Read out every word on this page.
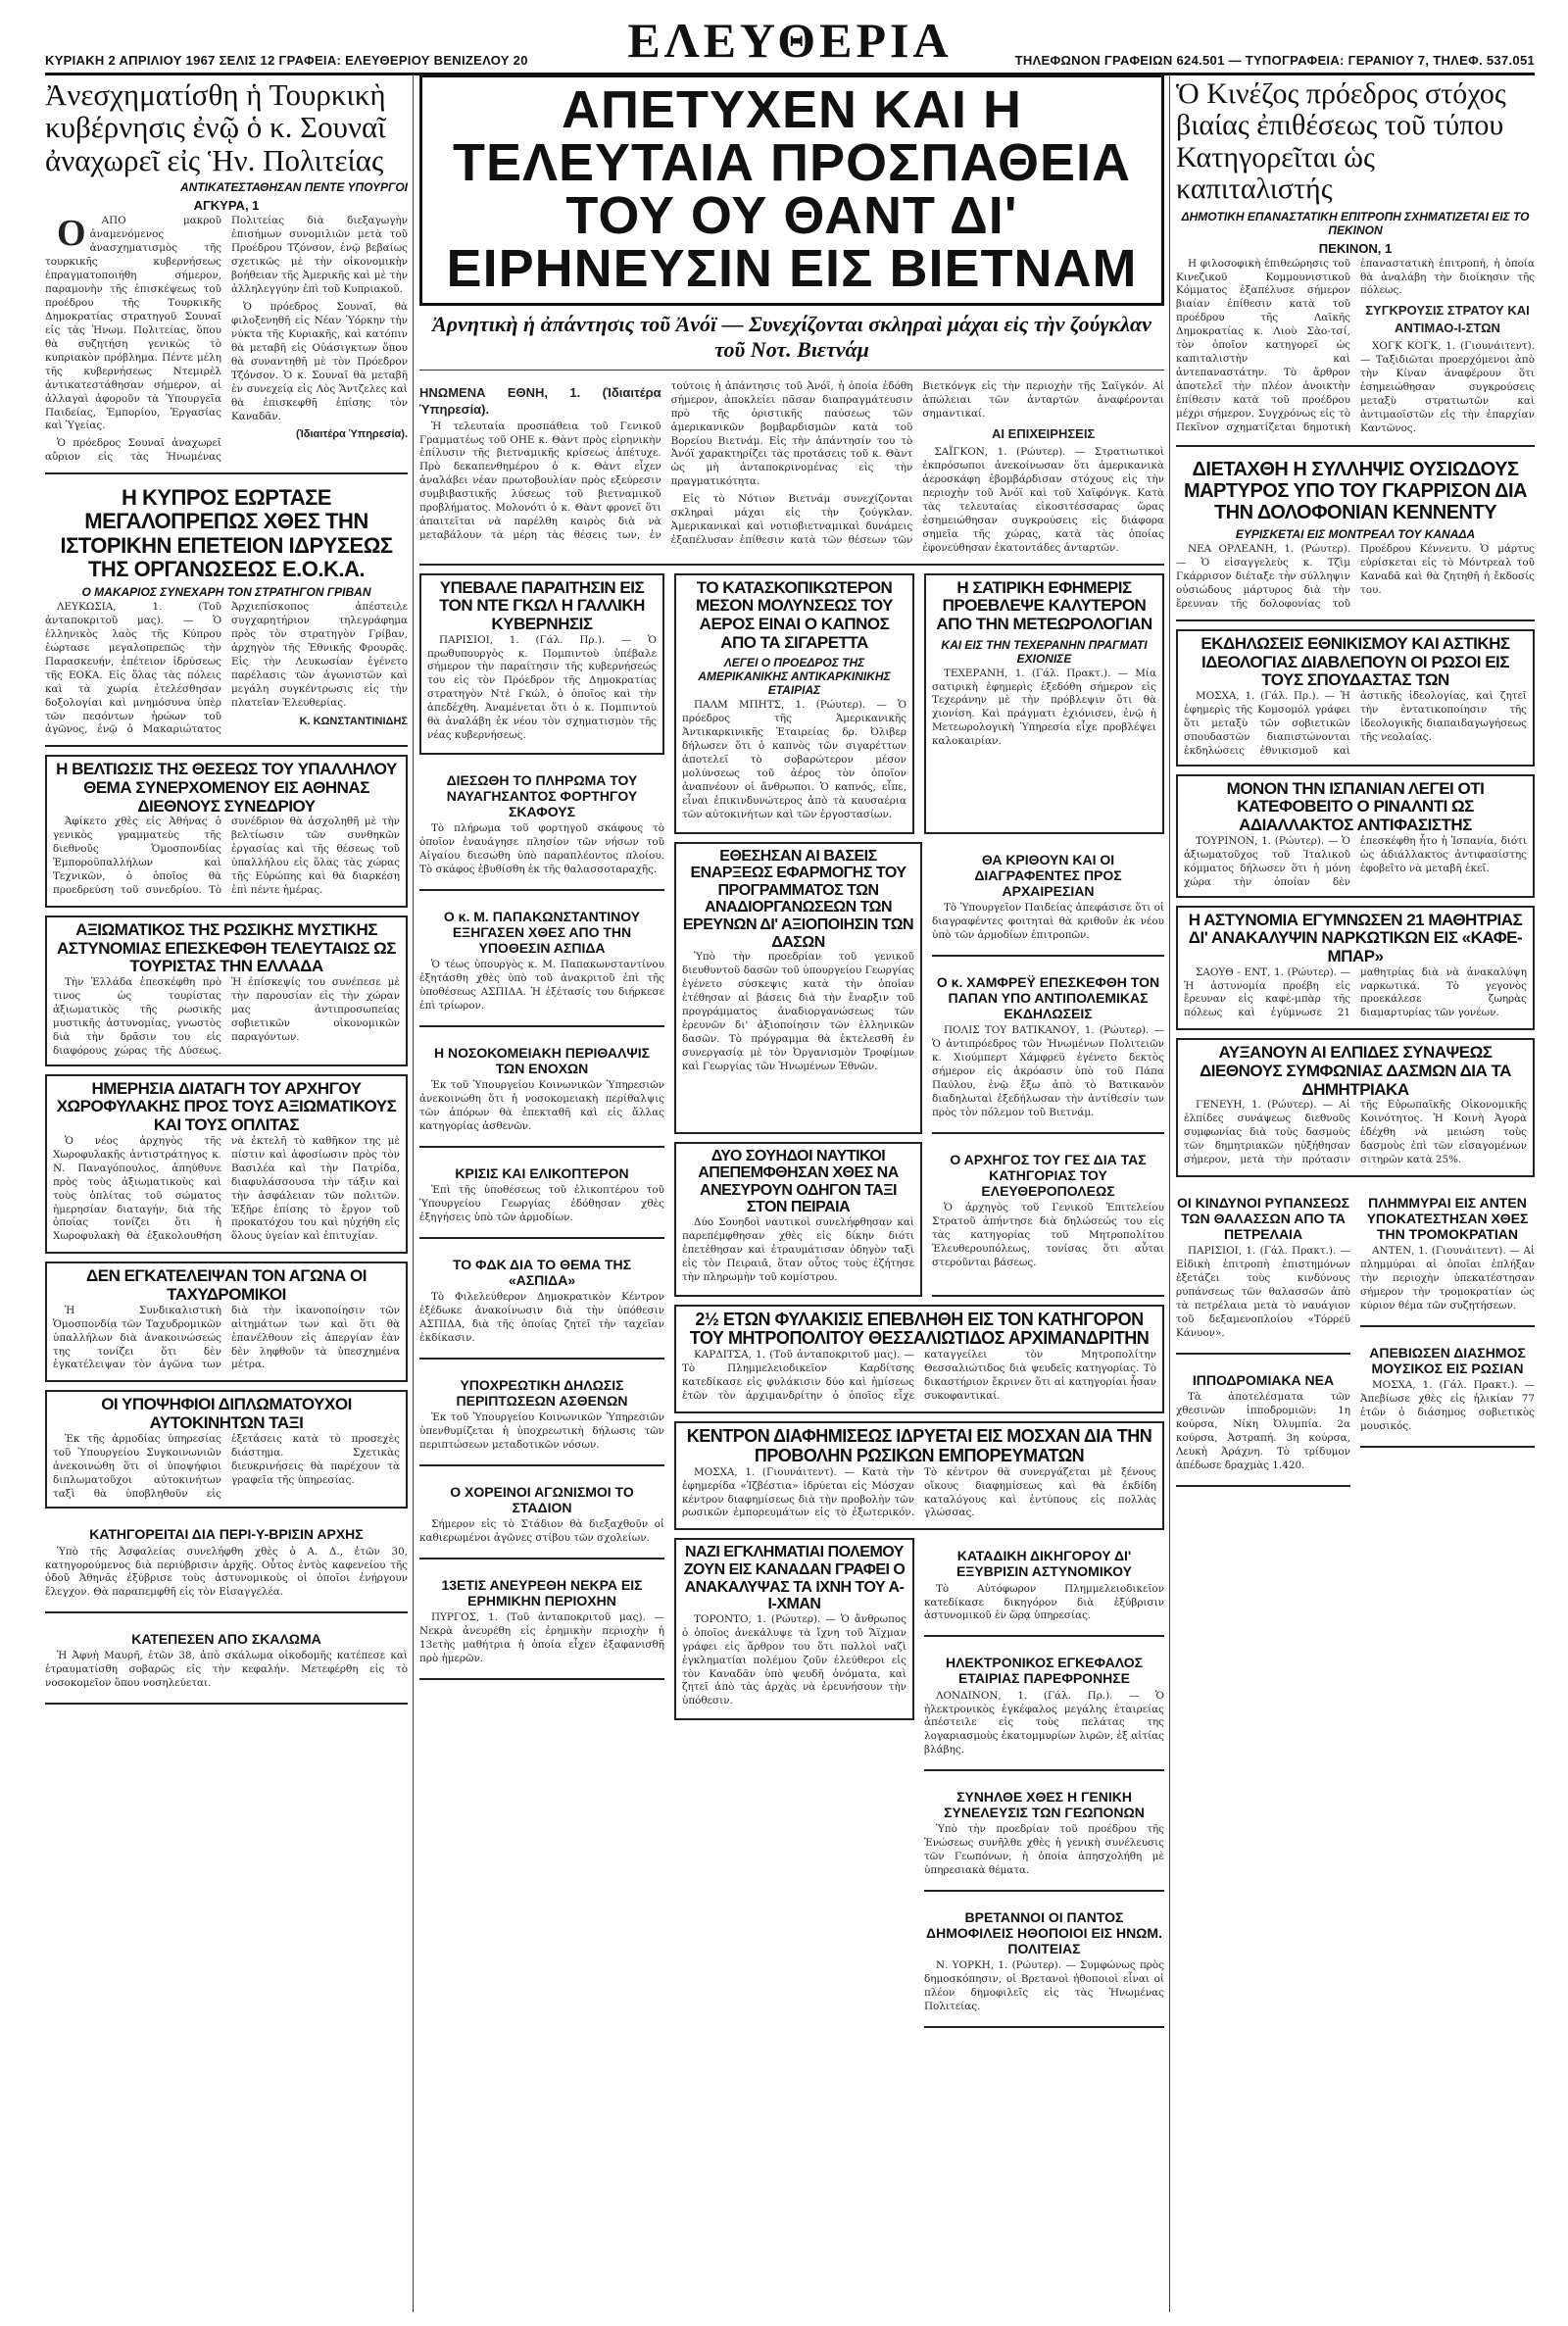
ΚΥΡΙΑΚΗ 2 ΑΠΡΙΛΙΟΥ 1967 ΣΕΛΙΣ 12 ΓΡΑΦΕΙΑ: ΕΛΕΥΘΕΡΙΟΥ ΒΕΝΙΖΕΛΟΥ 20	ΕΛΕΥΘΕΡΙΑ	ΤΗΛΕΦΩΝΟΝ ΓΡΑΦΕΙΩΝ 624.501 — ΤΥΠΟΓΡΑΦΕΙΑ: ΓΕΡΑΝΙΟΥ 7, ΤΗΛΕΦ. 537.051
Ἀνεσχηματίσθη ἡ Τουρκικὴ κυβέρνησις ἐνῷ ὁ κ. Σουναῖ ἀναχωρεῖ εἰς Ἡν. Πολιτείας
ΑΝΤΙΚΑΤΕΣΤΑΘΗΣΑΝ ΠΕΝΤΕ ΥΠΟΥΡΓΟΙ
ΑΓΚΥΡΑ, 1

Ο	ΑΠΟ μακροῦ ἀναμενόμενος ἀνασχηματισμὸς τῆς τουρκικῆς κυβερνήσεως ἐπραγματοποιήθη σήμερον, παραμονὴν τῆς ἐπισκέψεως τοῦ προέδρου τῆς Τουρκικῆς Δημοκρατίας στρατηγοῦ Σουναῖ εἰς τὰς Ἡνωμ. Πολιτείας, ὅπου θὰ συζητήση γενικῶς τὸ κυπριακὸν πρόβλημα. Πέντε μέλη τῆς κυβερνήσεως Ντεμιρὲλ ἀντικατεστάθησαν σήμερον, αἱ ἀλλαγαὶ ἀφοροῦν τὰ Ὑπουργεῖα Παιδείας, Ἐμπορίου, Ἐργασίας καὶ Ὑγείας.

Ὁ πρόεδρος Σουναῖ ἀναχωρεῖ αὔριον εἰς τὰς Ἡνωμένας Πολιτείας διὰ διεξαγωγὴν ἐπισήμων συνομιλιῶν μετὰ τοῦ Προέδρου Τζόνσον, ἐνῷ βεβαίως σχετικῶς μὲ τὴν οἰκονομικὴν βοήθειαν τῆς Ἀμερικῆς καὶ μὲ τὴν ἀλληλεγγύην ἐπὶ τοῦ Κυπριακοῦ.

Ὁ πρόεδρος Σουναῖ, θὰ φιλοξενηθῆ εἰς Νέαν Ὑόρκην τὴν νύκτα τῆς Κυριακῆς, καὶ κατόπιν θὰ μεταβῆ εἰς Οὐάσιγκτων ὅπου θὰ συναντηθῆ μὲ τὸν Πρόεδρον Τζόνσον. Ὁ κ. Σουναῖ θὰ μεταβῆ ἐν συνεχείᾳ εἰς Λὸς Ἄντζελες καὶ θὰ ἐπισκεφθῆ ἐπίσης τὸν Καναδᾶν.

(Ἰδιαιτέρα Ὑπηρεσία).
Η ΚΥΠΡΟΣ ΕΩΡΤΑΣΕ ΜΕΓΑΛΟΠΡΕΠΩΣ ΧΘΕΣ ΤΗΝ ΙΣΤΟΡΙΚΗΝ ΕΠΕΤΕΙΟΝ ΙΔΡΥΣΕΩΣ ΤΗΣ ΟΡΓΑΝΩΣΕΩΣ Ε.Ο.Κ.Α.
Ο ΜΑΚΑΡΙΟΣ ΣΥΝΕΧΑΡΗ ΤΟΝ ΣΤΡΑΤΗΓΟΝ ΓΡΙΒΑΝ

ΛΕΥΚΩΣΙΑ, 1. (Τοῦ ἀνταποκριτοῦ μας). — Ὁ ἑλληνικὸς λαὸς τῆς Κύπρου ἑώρτασε μεγαλοπρεπῶς τὴν Παρασκευήν, ἐπέτειον ἱδρύσεως τῆς ΕΟΚΑ. Εἰς ὅλας τὰς πόλεις καὶ τὰ χωρία ἐτελέσθησαν δοξολογίαι καὶ μνημόσυνα ὑπὲρ τῶν πεσόντων ἡρώων τοῦ ἀγῶνος, ἐνῷ ὁ Μακαριώτατος Ἀρχιεπίσκοπος ἀπέστειλε συγχαρητήριον τηλεγράφημα πρὸς τὸν στρατηγὸν Γρίβαν, ἀρχηγὸν τῆς Ἐθνικῆς Φρουρᾶς. Εἰς τὴν Λευκωσίαν ἐγένετο παρέλασις τῶν ἀγωνιστῶν καὶ μεγάλη συγκέντρωσις εἰς τὴν πλατεῖαν Ἐλευθερίας.

Κ. ΚΩΝΣΤΑΝΤΙΝΙΔΗΣ
Η ΒΕΛΤΙΩΣΙΣ ΤΗΣ ΘΕΣΕΩΣ ΤΟΥ ΥΠΑΛΛΗΛΟΥ ΘΕΜΑ ΣΥΝΕΡΧΟΜΕΝΟΥ ΕΙΣ ΑΘΗΝΑΣ ΔΙΕΘΝΟΥΣ ΣΥΝΕΔΡΙΟΥ

Ἀφίκετο χθὲς εἰς Ἀθήνας ὁ γενικὸς γραμματεὺς τῆς διεθνοῦς Ὁμοσπονδίας Ἐμποροϋπαλλήλων καὶ Τεχνικῶν, ὁ ὁποῖος θὰ προεδρεύση τοῦ συνεδρίου. Τὸ συνέδριον θὰ ἀσχοληθῆ μὲ τὴν βελτίωσιν τῶν συνθηκῶν ἐργασίας καὶ τῆς θέσεως τοῦ ὑπαλλήλου εἰς ὅλας τὰς χώρας τῆς Εὐρώπης καὶ θὰ διαρκέση ἐπὶ πέντε ἡμέρας.

ΑΞΙΩΜΑΤΙΚΟΣ ΤΗΣ ΡΩΣΙΚΗΣ ΜΥΣΤΙΚΗΣ ΑΣΤΥΝΟΜΙΑΣ ΕΠΕΣΚΕΦΘΗ ΤΕΛΕΥΤΑΙΩΣ ΩΣ ΤΟΥΡΙΣΤΑΣ ΤΗΝ ΕΛΛΑΔΑ

Τὴν Ἑλλάδα ἐπεσκέφθη πρὸ τινος ὡς τουρίστας ἀξιωματικὸς τῆς ρωσικῆς μυστικῆς ἀστυνομίας, γνωστὸς διὰ τὴν δρᾶσιν του εἰς διαφόρους χώρας τῆς Δύσεως. Ἡ ἐπίσκεψίς του συνέπεσε μὲ τὴν παρουσίαν εἰς τὴν χώραν μας ἀντιπροσωπείας σοβιετικῶν οἰκονομικῶν παραγόντων.

ΗΜΕΡΗΣΙΑ ΔΙΑΤΑΓΗ ΤΟΥ ΑΡΧΗΓΟΥ ΧΩΡΟΦΥΛΑΚΗΣ ΠΡΟΣ ΤΟΥΣ ΑΞΙΩΜΑΤΙΚΟΥΣ ΚΑΙ ΤΟΥΣ ΟΠΛΙΤΑΣ

Ὁ νέος ἀρχηγὸς τῆς Χωροφυλακῆς ἀντιστράτηγος κ. Ν. Παναγόπουλος, ἀπηύθυνε πρὸς τοὺς ἀξιωματικοὺς καὶ τοὺς ὁπλίτας τοῦ σώματος ἡμερησίαν διαταγήν, διὰ τῆς ὁποίας τονίζει ὅτι ἡ Χωροφυλακὴ θὰ ἐξακολουθήση νὰ ἐκτελῆ τὸ καθῆκον της μὲ πίστιν καὶ ἀφοσίωσιν πρὸς τὸν Βασιλέα καὶ τὴν Πατρίδα, διαφυλάσσουσα τὴν τάξιν καὶ τὴν ἀσφάλειαν τῶν πολιτῶν. Ἐξῆρε ἐπίσης τὸ ἔργον τοῦ προκατόχου του καὶ ηὐχήθη εἰς ὅλους ὑγείαν καὶ ἐπιτυχίαν.

ΔΕΝ ΕΓΚΑΤΕΛΕΙΨΑΝ ΤΟΝ ΑΓΩΝΑ ΟΙ ΤΑΧΥΔΡΟΜΙΚΟΙ

Ἡ Συνδικαλιστικὴ Ὁμοσπονδία τῶν Ταχυδρομικῶν ὑπαλλήλων διὰ ἀνακοινώσεώς της τονίζει ὅτι δὲν ἐγκατέλειψαν τὸν ἀγῶνα των διὰ τὴν ἱκανοποίησιν τῶν αἰτημάτων των καὶ ὅτι θὰ ἐπανέλθουν εἰς ἀπεργίαν ἐὰν δὲν ληφθοῦν τὰ ὑπεσχημένα μέτρα.

ΟΙ ΥΠΟΨΗΦΙΟΙ ΔΙΠΛΩΜΑΤΟΥΧΟΙ ΑΥΤΟΚΙΝΗΤΩΝ ΤΑΞΙ

Ἐκ τῆς ἁρμοδίας ὑπηρεσίας τοῦ Ὑπουργείου Συγκοινωνιῶν ἀνεκοινώθη ὅτι οἱ ὑποψήφιοι διπλωματοῦχοι αὐτοκινήτων ταξὶ θὰ ὑποβληθοῦν εἰς ἐξετάσεις κατὰ τὸ προσεχὲς διάστημα. Σχετικὰς διευκρινήσεις θὰ παρέχουν τὰ γραφεῖα τῆς ὑπηρεσίας.

ΚΑΤΗΓΟΡΕΙΤΑΙ ΔΙΑ ΠΕΡΙ-Υ-ΒΡΙΣΙΝ ΑΡΧΗΣ

Ὑπὸ τῆς Ἀσφαλείας συνελήφθη χθὲς ὁ Α. Δ., ἐτῶν 30, κατηγορούμενος διὰ περιύβρισιν ἀρχῆς. Οὗτος ἐντὸς καφενείου τῆς ὁδοῦ Ἀθηνᾶς ἐξύβρισε τοὺς ἀστυνομικοὺς οἱ ὁποῖοι ἐνήργουν ἔλεγχον. Θὰ παραπεμφθῆ εἰς τὸν Εἰσαγγελέα.

ΚΑΤΕΠΕΣΕΝ ΑΠΟ ΣΚΑΛΩΜΑ

Ἡ Ἀφνὴ Μαυρῆ, ἐτῶν 38, ἀπὸ σκάλωμα οἰκοδομῆς κατέπεσε καὶ ἐτραυματίσθη σοβαρῶς εἰς τὴν κεφαλήν. Μετεφέρθη εἰς τὸ νοσοκομεῖον ὅπου νοσηλεύεται.

ΑΠΕΤΥΧΕΝ ΚΑΙ Η ΤΕΛΕΥΤΑΙΑ ΠΡΟΣΠΑΘΕΙΑ ΤΟΥ ΟΥ ΘΑΝΤ ΔΙ' ΕΙΡΗΝΕΥΣΙΝ ΕΙΣ ΒΙΕΤΝΑΜ
Ἀρνητικὴ ἡ ἀπάντησις τοῦ Ἀνόϊ — Συνεχίζονται σκληραὶ μάχαι εἰς τὴν ζούγκλαν τοῦ Νοτ. Βιετνάμ
ΗΝΩΜΕΝΑ ΕΘΝΗ, 1. (Ἰδιαιτέρα Ὑπηρεσία).

Ἡ τελευταία προσπάθεια τοῦ Γενικοῦ Γραμματέως τοῦ ΟΗΕ κ. Θὰντ πρὸς εἰρηνικὴν ἐπίλυσιν τῆς βιετναμικῆς κρίσεως ἀπέτυχε. Πρὸ δεκαπενθημέρου ὁ κ. Θὰντ εἶχεν ἀναλάβει νέαν πρωτοβουλίαν πρὸς εξεύρεσιν συμβιβαστικῆς λύσεως τοῦ βιετναμικοῦ προβλήματος. Μολονότι ὁ κ. Θὰντ φρονεῖ ὅτι ἀπαιτεῖται νὰ παρέλθη καιρὸς διὰ νὰ μεταβάλουν τὰ μέρη τὰς θέσεις των, ἐν τούτοις ἡ ἀπάντησις τοῦ Ἀνόϊ, ἡ ὁποία ἐδόθη σήμερον, ἀποκλείει πᾶσαν διαπραγμάτευσιν πρὸ τῆς ὁριστικῆς παύσεως τῶν ἀμερικανικῶν βομβαρδισμῶν κατὰ τοῦ Βορείου Βιετνάμ. Εἰς τὴν ἀπάντησίν του τὸ Ἀνόϊ χαρακτηρίζει τὰς προτάσεις τοῦ κ. Θὰντ ὡς μὴ ἀνταποκρινομένας εἰς τὴν πραγματικότητα.

Εἰς τὸ Νότιον Βιετνάμ συνεχίζονται σκληραὶ μάχαι εἰς τὴν ζούγκλαν. Ἀμερικανικαὶ καὶ νοτιοβιετναμικαὶ δυνάμεις ἐξαπέλυσαν ἐπίθεσιν κατὰ τῶν θέσεων τῶν Βιετκόνγκ εἰς τὴν περιοχὴν τῆς Σαϊγκόν. Αἱ ἀπώλειαι τῶν ἀνταρτῶν ἀναφέρονται σημαντικαί.

ΑΙ ΕΠΙΧΕΙΡΗΣΕΙΣ

ΣΑΪΓΚΟΝ, 1. (Ρώυτερ). — Στρατιωτικοὶ ἐκπρόσωποι ἀνεκοίνωσαν ὅτι ἀμερικανικὰ ἀεροσκάφη ἐβομβάρδισαν στόχους εἰς τὴν περιοχὴν τοῦ Ἀνόϊ καὶ τοῦ Χαϊφόνγκ. Κατὰ τὰς τελευταίας εἰκοσιτέσσαρας ὥρας ἐσημειώθησαν συγκρούσεις εἰς διάφορα σημεῖα τῆς χώρας, κατὰ τὰς ὁποίας ἐφονεύθησαν ἑκατοντάδες ἀνταρτῶν.

ΥΠΕΒΑΛΕ ΠΑΡΑΙΤΗΣΙΝ ΕΙΣ ΤΟΝ ΝΤΕ ΓΚΩΛ Η ΓΑΛΛΙΚΗ ΚΥΒΕΡΝΗΣΙΣ

ΠΑΡΙΣΙΟΙ, 1. (Γάλ. Πρ.). — Ὁ πρωθυπουργὸς κ. Πομπιντοὺ ὑπέβαλε σήμερον τὴν παραίτησιν τῆς κυβερνήσεώς του εἰς τὸν Πρόεδρον τῆς Δημοκρατίας στρατηγὸν Ντὲ Γκώλ, ὁ ὁποῖος καὶ τὴν ἀπεδέχθη. Ἀναμένεται ὅτι ὁ κ. Πομπιντοὺ θὰ ἀναλάβη ἐκ νέου τὸν σχηματισμὸν τῆς νέας κυβερνήσεως.

ΔΙΕΣΩΘΗ ΤΟ ΠΛΗΡΩΜΑ ΤΟΥ ΝΑΥΑΓΗΣΑΝΤΟΣ ΦΟΡΤΗΓΟΥ ΣΚΑΦΟΥΣ

Τὸ πλήρωμα τοῦ φορτηγοῦ σκάφους τὸ ὁποῖον ἐναυάγησε πλησίον τῶν νήσων τοῦ Αἰγαίου διεσώθη ὑπὸ παραπλέοντος πλοίου. Τὸ σκάφος ἐβυθίσθη ἐκ τῆς θαλασσοταραχῆς.

Ο κ. Μ. ΠΑΠΑΚΩΝΣΤΑΝΤΙΝΟΥ ΕΞΗΓΑΣΕΝ ΧΘΕΣ ΑΠΟ ΤΗΝ ΥΠΟΘΕΣΙΝ ΑΣΠΙΔΑ

Ὁ τέως ὑπουργὸς κ. Μ. Παπακωνσταντίνου ἐξητάσθη χθὲς ὑπὸ τοῦ ἀνακριτοῦ ἐπὶ τῆς ὑποθέσεως ΑΣΠΙΔΑ. Ἡ ἐξέτασίς του διήρκεσε ἐπὶ τρίωρον.

Η ΝΟΣΟΚΟΜΕΙΑΚΗ ΠΕΡΙΘΑΛΨΙΣ ΤΩΝ ΕΝΟΧΩΝ

Ἐκ τοῦ Ὑπουργείου Κοινωνικῶν Ὑπηρεσιῶν ἀνεκοινώθη ὅτι ἡ νοσοκομειακὴ περίθαλψις τῶν ἀπόρων θὰ ἐπεκταθῆ καὶ εἰς ἄλλας κατηγορίας ἀσθενῶν.

ΚΡΙΣΙΣ ΚΑΙ ΕΛΙΚΟΠΤΕΡΟΝ

Ἐπὶ τῆς ὑποθέσεως τοῦ ἐλικοπτέρου τοῦ Ὑπουργείου Γεωργίας ἐδόθησαν χθὲς ἐξηγήσεις ὑπὸ τῶν ἁρμοδίων.

ΤΟ ΦΔΚ ΔΙΑ ΤΟ ΘΕΜΑ ΤΗΣ «ΑΣΠΙΔΑ»

Τὸ Φιλελεύθερον Δημοκρατικὸν Κέντρον ἐξέδωκε ἀνακοίνωσιν διὰ τὴν ὑπόθεσιν ΑΣΠΙΔΑ, διὰ τῆς ὁποίας ζητεῖ τὴν ταχεῖαν ἐκδίκασιν.

ΥΠΟΧΡΕΩΤΙΚΗ ΔΗΛΩΣΙΣ ΠΕΡΙΠΤΩΣΕΩΝ ΑΣΘΕΝΩΝ

Ἐκ τοῦ Ὑπουργείου Κοινωνικῶν Ὑπηρεσιῶν ὑπενθυμίζεται ἡ ὑποχρεωτικὴ δήλωσις τῶν περιπτώσεων μεταδοτικῶν νόσων.

Ο ΧΟΡΕΙΝΟΙ ΑΓΩΝΙΣΜΟΙ ΤΟ ΣΤΑΔΙΟΝ

Σήμερον εἰς τὸ Στάδιον θὰ διεξαχθοῦν οἱ καθιερωμένοι ἀγῶνες στίβου τῶν σχολείων.

13ΕΤΙΣ ΑΝΕΥΡΕΘΗ ΝΕΚΡΑ ΕΙΣ ΕΡΗΜΙΚΗΝ ΠΕΡΙΟΧΗΝ

ΠΥΡΓΟΣ, 1. (Τοῦ ἀνταποκριτοῦ μας). — Νεκρὰ ἀνευρέθη εἰς ἐρημικὴν περιοχὴν ἡ 13ετὴς μαθήτρια ἡ ὁποία εἶχεν ἐξαφανισθῆ πρὸ ἡμερῶν.

ΤΟ ΚΑΤΑΣΚΟΠΙΚΩΤΕΡΟΝ ΜΕΣΟΝ ΜΟΛΥΝΣΕΩΣ ΤΟΥ ΑΕΡΟΣ ΕΙΝΑΙ Ο ΚΑΠΝΟΣ ΑΠΟ ΤΑ ΣΙΓΑΡΕΤΤΑ
ΛΕΓΕΙ Ο ΠΡΟΕΔΡΟΣ ΤΗΣ ΑΜΕΡΙΚΑΝΙΚΗΣ ΑΝΤΙΚΑΡΚΙΝΙΚΗΣ ΕΤΑΙΡΙΑΣ

ΠΑΛΜ ΜΠΗΤΣ, 1. (Ρώυτερ). — Ὁ πρόεδρος τῆς Ἀμερικανικῆς Ἀντικαρκινικῆς Ἑταιρείας δρ. Ὀλιβερ δήλωσεν ὅτι ὁ καπνὸς τῶν σιγαρέττων ἀποτελεῖ τὸ σοβαρώτερον μέσον μολύνσεως τοῦ ἀέρος τὸν ὁποῖον ἀναπνέουν οἱ ἄνθρωποι. Ὁ καπνός, εἶπε, εἶναι ἐπικινδυνώτερος ἀπὸ τὰ καυσαέρια τῶν αὐτοκινήτων καὶ τῶν ἐργοστασίων.

Η ΣΑΤΙΡΙΚΗ ΕΦΗΜΕΡΙΣ ΠΡΟΕΒΛΕΨΕ ΚΑΛΥΤΕΡΟΝ ΑΠΟ ΤΗΝ ΜΕΤΕΩΡΟΛΟΓΙΑΝ
ΚΑΙ ΕΙΣ ΤΗΝ ΤΕΧΕΡΑΝΗΝ ΠΡΑΓΜΑΤΙ ΕΧΙΟΝΙΣΕ

ΤΕΧΕΡΑΝΗ, 1. (Γάλ. Πρακτ.). — Μία σατιρικὴ ἐφημερὶς ἐξεδόθη σήμερον εἰς Τεχεράνην μὲ τὴν πρόβλεψιν ὅτι θὰ χιονίση. Καὶ πράγματι ἐχιόνισεν, ἐνῷ ἡ Μετεωρολογικὴ Ὑπηρεσία εἶχε προβλέψει καλοκαιρίαν.

ΕΘΕΣΗΣΑΝ ΑΙ ΒΑΣΕΙΣ ΕΝΑΡΞΕΩΣ ΕΦΑΡΜΟΓΗΣ ΤΟΥ ΠΡΟΓΡΑΜΜΑΤΟΣ ΤΩΝ ΑΝΑΔΙΟΡΓΑΝΩΣΕΩΝ ΤΩΝ ΕΡΕΥΝΩΝ ΔΙ' ΑΞΙΟΠΟΙΗΣΙΝ ΤΩΝ ΔΑΣΩΝ

Ὑπὸ τὴν προεδρίαν τοῦ γενικοῦ διευθυντοῦ δασῶν τοῦ ὑπουργείου Γεωργίας ἐγένετο σύσκεψις κατὰ τὴν ὁποίαν ἐτέθησαν αἱ βάσεις διὰ τὴν ἔναρξιν τοῦ προγράμματος ἀναδιοργανώσεως τῶν ἐρευνῶν δι' ἀξιοποίησιν τῶν ἑλληνικῶν δασῶν. Τὸ πρόγραμμα θὰ ἐκτελεσθῆ ἐν συνεργασίᾳ μὲ τὸν Ὀργανισμὸν Τροφίμων καὶ Γεωργίας τῶν Ἡνωμένων Ἐθνῶν.

ΘΑ ΚΡΙΘΟΥΝ ΚΑΙ ΟΙ ΔΙΑΓΡΑΦΕΝΤΕΣ ΠΡΟΣ ΑΡΧΑΙΡΕΣΙΑΝ

Τὸ Ὑπουργεῖον Παιδείας ἀπεφάσισε ὅτι οἱ διαγραφέντες φοιτηταὶ θὰ κριθοῦν ἐκ νέου ὑπὸ τῶν ἁρμοδίων ἐπιτροπῶν.

Ο κ. ΧΑΜΦΡΕΫ ΕΠΕΣΚΕΦΘΗ ΤΟΝ ΠΑΠΑΝ ΥΠΟ ΑΝΤΙΠΟΛΕΜΙΚΑΣ ΕΚΔΗΛΩΣΕΙΣ

ΠΟΛΙΣ ΤΟΥ ΒΑΤΙΚΑΝΟΥ, 1. (Ρώυτερ). — Ὁ ἀντιπρόεδρος τῶν Ἡνωμένων Πολιτειῶν κ. Χιούμπερτ Χάμφρεϋ ἐγένετο δεκτὸς σήμερον εἰς ἀκρόασιν ὑπὸ τοῦ Πάπα Παύλου, ἐνῷ ἔξω ἀπὸ τὸ Βατικανὸν διαδηλωταὶ ἐξεδήλωσαν τὴν ἀντίθεσίν των πρὸς τὸν πόλεμον τοῦ Βιετνάμ.

ΔΥΟ ΣΟΥΗΔΟΙ ΝΑΥΤΙΚΟΙ ΑΠΕΠΕΜΦΘΗΣΑΝ ΧΘΕΣ ΝΑ ΑΝΕΣΥΡΟΥΝ ΟΔΗΓΟΝ ΤΑΞΙ ΣΤΟΝ ΠΕΙΡΑΙΑ

Δύο Σουηδοὶ ναυτικοὶ συνελήφθησαν καὶ παρεπέμφθησαν χθὲς εἰς δίκην διότι ἐπετέθησαν καὶ ἐτραυμάτισαν ὁδηγὸν ταξὶ εἰς τὸν Πειραιᾶ, ὅταν οὗτος τοὺς ἐζήτησε τὴν πληρωμὴν τοῦ κομίστρου.

Ο ΑΡΧΗΓΟΣ ΤΟΥ ΓΕΣ ΔΙΑ ΤΑΣ ΚΑΤΗΓΟΡΙΑΣ ΤΟΥ ΕΛΕΥΘΕΡΟΠΟΛΕΩΣ

Ὁ ἀρχηγὸς τοῦ Γενικοῦ Ἐπιτελείου Στρατοῦ ἀπήντησε διὰ δηλώσεώς του εἰς τὰς κατηγορίας τοῦ Μητροπολίτου Ἐλευθερουπόλεως, τονίσας ὅτι αὗται στεροῦνται βάσεως.

2½ ΕΤΩΝ ΦΥΛΑΚΙΣΙΣ ΕΠΕΒΛΗΘΗ ΕΙΣ ΤΟΝ ΚΑΤΗΓΟΡΟΝ ΤΟΥ ΜΗΤΡΟΠΟΛΙΤΟΥ ΘΕΣΣΑΛΙΩΤΙΔΟΣ ΑΡΧΙΜΑΝΔΡΙΤΗΝ

ΚΑΡΔΙΤΣΑ, 1. (Τοῦ ἀνταποκριτοῦ μας). — Τὸ Πλημμελειοδικεῖον Καρδίτσης κατεδίκασε εἰς φυλάκισιν δύο καὶ ἡμίσεως ἐτῶν τὸν ἀρχιμανδρίτην ὁ ὁποῖος εἶχε καταγγείλει τὸν Μητροπολίτην Θεσσαλιώτιδος διὰ ψευδεῖς κατηγορίας. Τὸ δικαστήριον ἔκρινεν ὅτι αἱ κατηγορίαι ἦσαν συκοφαντικαί.

ΚΕΝΤΡΟΝ ΔΙΑΦΗΜΙΣΕΩΣ ΙΔΡΥΕΤΑΙ ΕΙΣ ΜΟΣΧΑΝ ΔΙΑ ΤΗΝ ΠΡΟΒΟΛΗΝ ΡΩΣΙΚΩΝ ΕΜΠΟΡΕΥΜΑΤΩΝ

ΜΟΣΧΑ, 1. (Γιουνάιτεντ). — Κατὰ τὴν ἐφημερίδα «Ἰζβέστια» ἱδρύεται εἰς Μόσχαν κέντρον διαφημίσεως διὰ τὴν προβολὴν τῶν ρωσικῶν ἐμπορευμάτων εἰς τὸ ἐξωτερικόν. Τὸ κέντρον θὰ συνεργάζεται μὲ ξένους οἴκους διαφημίσεως καὶ θὰ ἐκδίδη καταλόγους καὶ ἐντύπους εἰς πολλὰς γλώσσας.

ΝΑΖΙ ΕΓΚΛΗΜΑΤΙΑΙ ΠΟΛΕΜΟΥ ΖΟΥΝ ΕΙΣ ΚΑΝΑΔΑΝ ΓΡΑΦΕΙ Ο ΑΝΑΚΑΛΥΨΑΣ ΤΑ ΙΧΝΗ ΤΟΥ Α-Ι-ΧΜΑΝ

ΤΟΡΟΝΤΟ, 1. (Ρώυτερ). — Ὁ ἄνθρωπος ὁ ὁποῖος ἀνεκάλυψε τὰ ἴχνη τοῦ Ἄϊχμαν γράφει εἰς ἄρθρον του ὅτι πολλοὶ ναζὶ ἐγκληματίαι πολέμου ζοῦν ἐλεύθεροι εἰς τὸν Καναδᾶν ὑπὸ ψευδῆ ὀνόματα, καὶ ζητεῖ ἀπὸ τὰς ἀρχὰς νὰ ἐρευνήσουν τὴν ὑπόθεσιν.

ΚΑΤΑΔΙΚΗ ΔΙΚΗΓΟΡΟΥ ΔΙ' ΕΞΥΒΡΙΣΙΝ ΑΣΤΥΝΟΜΙΚΟΥ

Τὸ Αὐτόφωρον Πλημμελειοδικεῖον κατεδίκασε δικηγόρον διὰ ἐξύβρισιν ἀστυνομικοῦ ἐν ὥρᾳ ὑπηρεσίας.

ΗΛΕΚΤΡΟΝΙΚΟΣ ΕΓΚΕΦΑΛΟΣ ΕΤΑΙΡΙΑΣ ΠΑΡΕΦΡΟΝΗΣΕ

ΛΟΝΔΙΝΟΝ, 1. (Γάλ. Πρ.). — Ὁ ἠλεκτρονικὸς ἐγκέφαλος μεγάλης ἑταιρείας ἀπέστειλε εἰς τοὺς πελάτας της λογαριασμοὺς ἑκατομμυρίων λιρῶν, ἐξ αἰτίας βλάβης.

ΣΥΝΗΛΘΕ ΧΘΕΣ Η ΓΕΝΙΚΗ ΣΥΝΕΛΕΥΣΙΣ ΤΩΝ ΓΕΩΠΟΝΩΝ

Ὑπὸ τὴν προεδρίαν τοῦ προέδρου τῆς Ἑνώσεως συνῆλθε χθὲς ἡ γενικὴ συνέλευσις τῶν Γεωπόνων, ἡ ὁποία ἀπησχολήθη μὲ ὑπηρεσιακὰ θέματα.

ΒΡΕΤΑΝΝΟΙ ΟΙ ΠΑΝΤΟΣ ΔΗΜΟΦΙΛΕΙΣ ΗΘΟΠΟΙΟΙ ΕΙΣ ΗΝΩΜ. ΠΟΛΙΤΕΙΑΣ

Ν. ΥΟΡΚΗ, 1. (Ρώυτερ). — Συμφώνως πρὸς δημοσκόπησιν, οἱ Βρετανοὶ ἠθοποιοὶ εἶναι οἱ πλέον δημοφιλεῖς εἰς τὰς Ἡνωμένας Πολιτείας.

Ὁ Κινέζος πρόεδρος στόχος βιαίας ἐπιθέσεως τοῦ τύπου Κατηγορεῖται ὡς καπιταλιστής
ΔΗΜΟΤΙΚΗ ΕΠΑΝΑΣΤΑΤΙΚΗ ΕΠΙΤΡΟΠΗ ΣΧΗΜΑΤΙΖΕΤΑΙ ΕΙΣ ΤΟ ΠΕΚΙΝΟΝ
ΠΕΚΙΝΟΝ, 1

Η φιλοσοφικὴ ἐπιθεώρησις τοῦ Κινεζικοῦ Κομμουνιστικοῦ Κόμματος ἐξαπέλυσε σήμερον βιαίαν ἐπίθεσιν κατὰ τοῦ προέδρου τῆς Λαϊκῆς Δημοκρατίας κ. Λιοὺ Σὰο-τσί, τὸν ὁποῖον κατηγορεῖ ὡς καπιταλιστὴν καὶ ἀντεπαναστάτην. Τὸ ἄρθρον ἀποτελεῖ τὴν πλέον ἀνοικτὴν ἐπίθεσιν κατὰ τοῦ προέδρου μέχρι σήμερον. Συγχρόνως εἰς τὸ Πεκῖνον σχηματίζεται δημοτικὴ ἐπαναστατικὴ ἐπιτροπή, ἡ ὁποία θὰ ἀναλάβη τὴν διοίκησιν τῆς πόλεως.

ΣΥΓΚΡΟΥΣΙΣ ΣΤΡΑΤΟΥ ΚΑΙ ΑΝΤΙΜΑΟ-Ι-ΣΤΩΝ

ΧΟΓΚ ΚΟΓΚ, 1. (Γιουνάιτεντ). — Ταξιδιῶται προερχόμενοι ἀπὸ τὴν Κίναν ἀναφέρουν ὅτι ἐσημειώθησαν συγκρούσεις μεταξὺ στρατιωτῶν καὶ ἀντιμαοϊστῶν εἰς τὴν ἐπαρχίαν Καντῶνος.

ΔΙΕΤΑΧΘΗ Η ΣΥΛΛΗΨΙΣ ΟΥΣΙΩΔΟΥΣ ΜΑΡΤΥΡΟΣ ΥΠΟ ΤΟΥ ΓΚΑΡΡΙΣΟΝ ΔΙΑ ΤΗΝ ΔΟΛΟΦΟΝΙΑΝ ΚΕΝΝΕΝΤΥ
ΕΥΡΙΣΚΕΤΑΙ ΕΙΣ ΜΟΝΤΡΕΑΛ ΤΟΥ ΚΑΝΑΔΑ

ΝΕΑ ΟΡΛΕΑΝΗ, 1. (Ρώυτερ). — Ὁ εἰσαγγελεὺς κ. Τζὶμ Γκάρρισον διέταξε τὴν σύλληψιν οὐσιώδους μάρτυρος διὰ τὴν ἔρευναν τῆς δολοφονίας τοῦ Προέδρου Κέννεντυ. Ὁ μάρτυς εὑρίσκεται εἰς τὸ Μόντρεαλ τοῦ Καναδᾶ καὶ θὰ ζητηθῆ ἡ ἔκδοσίς του.

ΕΚΔΗΛΩΣΕΙΣ ΕΘΝΙΚΙΣΜΟΥ ΚΑΙ ΑΣΤΙΚΗΣ ΙΔΕΟΛΟΓΙΑΣ ΔΙΑΒΛΕΠΟΥΝ ΟΙ ΡΩΣΟΙ ΕΙΣ ΤΟΥΣ ΣΠΟΥΔΑΣΤΑΣ ΤΩΝ

ΜΟΣΧΑ, 1. (Γάλ. Πρ.). — Ἡ ἐφημερὶς τῆς Κομσομόλ γράφει ὅτι μεταξὺ τῶν σοβιετικῶν σπουδαστῶν διαπιστώνονται ἐκδηλώσεις ἐθνικισμοῦ καὶ ἀστικῆς ἰδεολογίας, καὶ ζητεῖ τὴν ἐντατικοποίησιν τῆς ἰδεολογικῆς διαπαιδαγωγήσεως τῆς νεολαίας.

ΜΟΝΟΝ ΤΗΝ ΙΣΠΑΝΙΑΝ ΛΕΓΕΙ ΟΤΙ ΚΑΤΕΦΟΒΕΙΤΟ Ο ΡΙΝΑΛΝΤΙ ΩΣ ΑΔΙΑΛΛΑΚΤΟΣ ΑΝΤΙΦΑΣΙΣΤΗΣ

ΤΟΥΡΙΝΟΝ, 1. (Ρώυτερ). — Ὁ ἀξιωματοῦχος τοῦ Ἰταλικοῦ κόμματος δήλωσεν ὅτι ἡ μόνη χώρα τὴν ὁποίαν δὲν ἐπεσκέφθη ἦτο ἡ Ἱσπανία, διότι ὡς ἀδιάλλακτος ἀντιφασίστης ἐφοβεῖτο νὰ μεταβῆ ἐκεῖ.

Η ΑΣΤΥΝΟΜΙΑ ΕΓΥΜΝΩΣΕΝ 21 ΜΑΘΗΤΡΙΑΣ ΔΙ' ΑΝΑΚΑΛΥΨΙΝ ΝΑΡΚΩΤΙΚΩΝ ΕΙΣ «ΚΑΦΕ-ΜΠΑΡ»

ΣΑΟΥΘ - ΕΝΤ, 1. (Ρώυτερ). — Ἡ ἀστυνομία προέβη εἰς ἔρευναν εἰς καφὲ-μπὰρ τῆς πόλεως καὶ ἐγύμνωσε 21 μαθητρίας διὰ νὰ ἀνακαλύψη ναρκωτικά. Τὸ γεγονὸς προεκάλεσε ζωηρὰς διαμαρτυρίας τῶν γονέων.

ΑΥΞΑΝΟΥΝ ΑΙ ΕΛΠΙΔΕΣ ΣΥΝΑΨΕΩΣ ΔΙΕΘΝΟΥΣ ΣΥΜΦΩΝΙΑΣ ΔΑΣΜΩΝ ΔΙΑ ΤΑ ΔΗΜΗΤΡΙΑΚΑ

ΓΕΝΕΥΗ, 1. (Ρώυτερ). — Αἱ ἐλπίδες συνάψεως διεθνοῦς συμφωνίας διὰ τοὺς δασμοὺς τῶν δημητριακῶν ηὐξήθησαν σήμερον, μετὰ τὴν πρότασιν τῆς Εὐρωπαϊκῆς Οἰκονομικῆς Κοινότητος. Ἡ Κοινὴ Ἀγορὰ ἐδέχθη νὰ μειώση τοὺς δασμοὺς ἐπὶ τῶν εἰσαγομένων σιτηρῶν κατὰ 25%.

ΟΙ ΚΙΝΔΥΝΟΙ ΡΥΠΑΝΣΕΩΣ ΤΩΝ ΘΑΛΑΣΣΩΝ ΑΠΟ ΤΑ ΠΕΤΡΕΛΑΙΑ

ΠΑΡΙΣΙΟΙ, 1. (Γάλ. Πρακτ.). — Εἰδικὴ ἐπιτροπὴ ἐπιστημόνων ἐξετάζει τοὺς κινδύνους ρυπάνσεως τῶν θαλασσῶν ἀπὸ τὰ πετρέλαια μετὰ τὸ ναυάγιον τοῦ δεξαμενοπλοίου «Τόρρεϋ Κάνυον».

ΙΠΠΟΔΡΟΜΙΑΚΑ ΝΕΑ

Τὰ ἀποτελέσματα τῶν χθεσινῶν ἱπποδρομιῶν: 1η κούρσα, Νίκη Ὀλυμπία. 2α κούρσα, Ἀστραπή. 3η κούρσα, Λευκὴ Ἀράχνη. Τὸ τρίδυμον ἀπέδωσε δραχμὰς 1.420.

ΠΛΗΜΜΥΡΑΙ ΕΙΣ ΑΝΤΕΝ ΥΠΟΚΑΤΕΣΤΗΣΑΝ ΧΘΕΣ ΤΗΝ ΤΡΟΜΟΚΡΑΤΙΑΝ

ΑΝΤΕΝ, 1. (Γιουνάιτεντ). — Αἱ πλημμύραι αἱ ὁποῖαι ἐπλήξαν τὴν περιοχὴν ὑπεκατέστησαν σήμερον τὴν τρομοκρατίαν ὡς κύριον θέμα τῶν συζητήσεων.

ΑΠΕΒΙΩΣΕΝ ΔΙΑΣΗΜΟΣ ΜΟΥΣΙΚΟΣ ΕΙΣ ΡΩΣΙΑΝ

ΜΟΣΧΑ, 1. (Γάλ. Πρακτ.). — Ἀπεβίωσε χθὲς εἰς ἡλικίαν 77 ἐτῶν ὁ διάσημος σοβιετικὸς μουσικός.
